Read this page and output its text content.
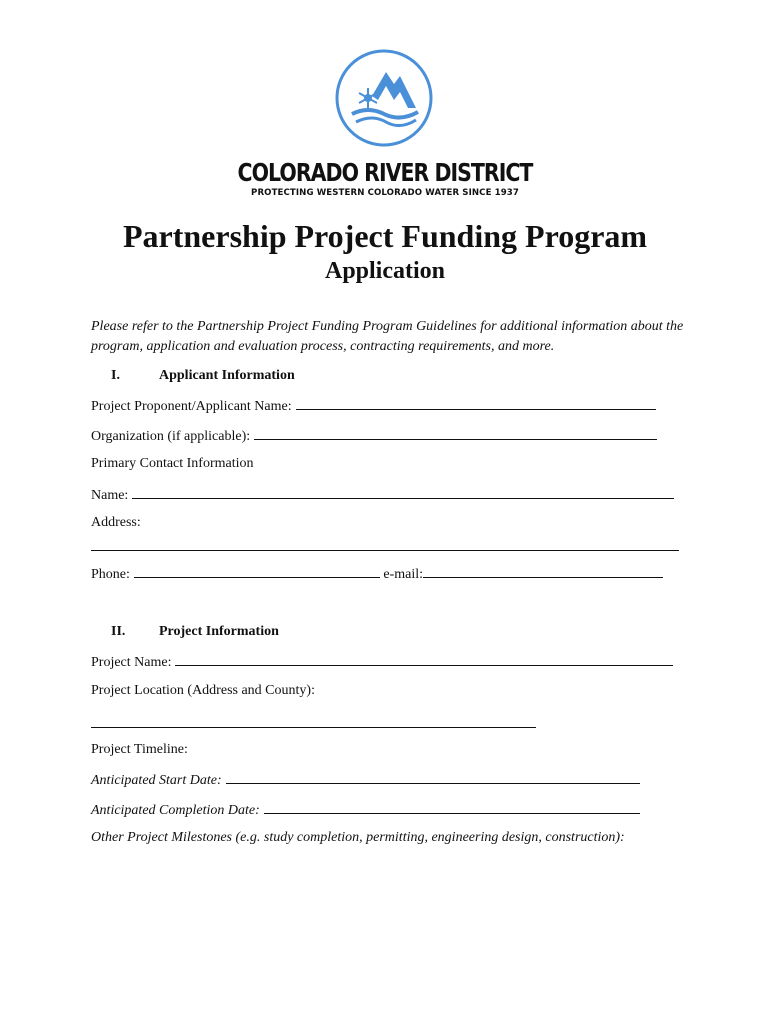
COLORADO RIVER DISTRICT
PROTECTING WESTERN COLORADO WATER SINCE 1937
Partnership Project Funding Program
Application
Please refer to the Partnership Project Funding Program Guidelines for additional information about the program, application and evaluation process, contracting requirements, and more.
I.	Applicant Information
Project Proponent/Applicant Name:
Organization (if applicable):
Primary Contact Information
Name:
Address:
Phone:	e-mail:
II. Project Information
Project Name:
Project Location (Address and County):
Project Timeline:
Anticipated Start Date:
Anticipated Completion Date:
Other Project Milestones (e.g. study completion, permitting, engineering design, construction):
